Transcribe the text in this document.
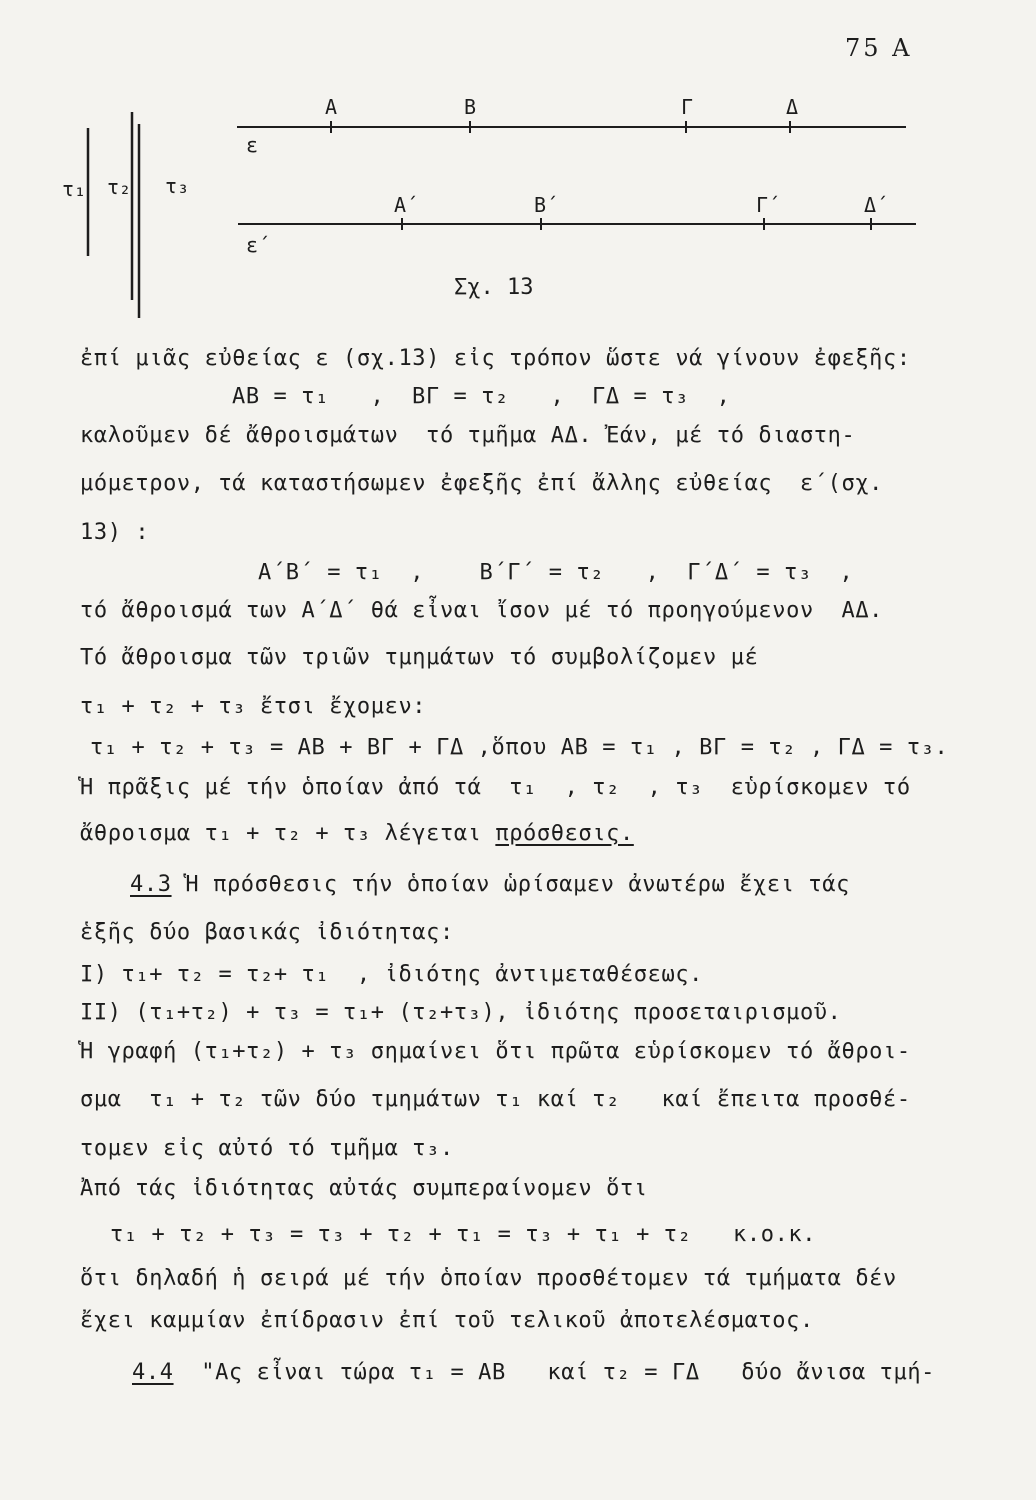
75 Α
τ₁ τ₂ τ₃
ε
Α	Β	Γ	Δ
ε΄
Α΄	Β΄	Γ΄	Δ΄
Σχ. 13
ἐπί μιᾶς εὐθείας ε (σχ.13) εἰς τρόπον ὥστε νά γίνουν ἐφεξῆς:
ΑΒ = τ₁   ,  ΒΓ = τ₂   ,  ΓΔ = τ₃  ,
καλοῦμεν δέ ἄθροισμάτων  τό τμῆμα ΑΔ. Ἐάν, μέ τό διαστη-
μόμετρον, τά καταστήσωμεν ἐφεξῆς ἐπί ἄλλης εὐθείας  ε΄(σχ.
13) :
Α΄Β΄ = τ₁  ,    Β΄Γ΄ = τ₂   ,  Γ΄Δ΄ = τ₃  ,
τό ἄθροισμά των Α΄Δ΄ θά εἶναι ἴσον μέ τό προηγούμενον  ΑΔ.
Τό ἄθροισμα τῶν τριῶν τμημάτων τό συμβολίζομεν μέ
τ₁ + τ₂ + τ₃ ἔτσι ἔχομεν:
τ₁ + τ₂ + τ₃ = ΑΒ + ΒΓ + ΓΔ ,ὅπου ΑΒ = τ₁ , ΒΓ = τ₂ , ΓΔ = τ₃.
Ἡ πρᾶξις μέ τήν ὁποίαν ἀπό τά  τ₁  , τ₂  , τ₃  εὑρίσκομεν τό
ἄθροισμα τ₁ + τ₂ + τ₃ λέγεται πρόσθεσις.
4.3 Ἡ πρόσθεσις τήν ὁποίαν ὡρίσαμεν ἀνωτέρω ἔχει τάς
ἑξῆς δύο βασικάς ἰδιότητας:
Ι) τ₁+ τ₂ = τ₂+ τ₁  , ἰδιότης ἀντιμεταθέσεως.
ΙΙ) (τ₁+τ₂) + τ₃ = τ₁+ (τ₂+τ₃), ἰδιότης προσεταιρισμοῦ.
Ἡ γραφή (τ₁+τ₂) + τ₃ σημαίνει ὅτι πρῶτα εὑρίσκομεν τό ἄθροι-
σμα  τ₁ + τ₂ τῶν δύο τμημάτων τ₁ καί τ₂   καί ἔπειτα προσθέ-
τομεν εἰς αὐτό τό τμῆμα τ₃.
Ἀπό τάς ἰδιότητας αὐτάς συμπεραίνομεν ὅτι
τ₁ + τ₂ + τ₃ = τ₃ + τ₂ + τ₁ = τ₃ + τ₁ + τ₂   κ.ο.κ.
ὅτι δηλαδή ἡ σειρά μέ τήν ὁποίαν προσθέτομεν τά τμήματα δέν
ἔχει καμμίαν ἐπίδρασιν ἐπί τοῦ τελικοῦ ἀποτελέσματος.
4.4  "Ας εἶναι τώρα τ₁ = ΑΒ   καί τ₂ = ΓΔ   δύο ἄνισα τμή-
